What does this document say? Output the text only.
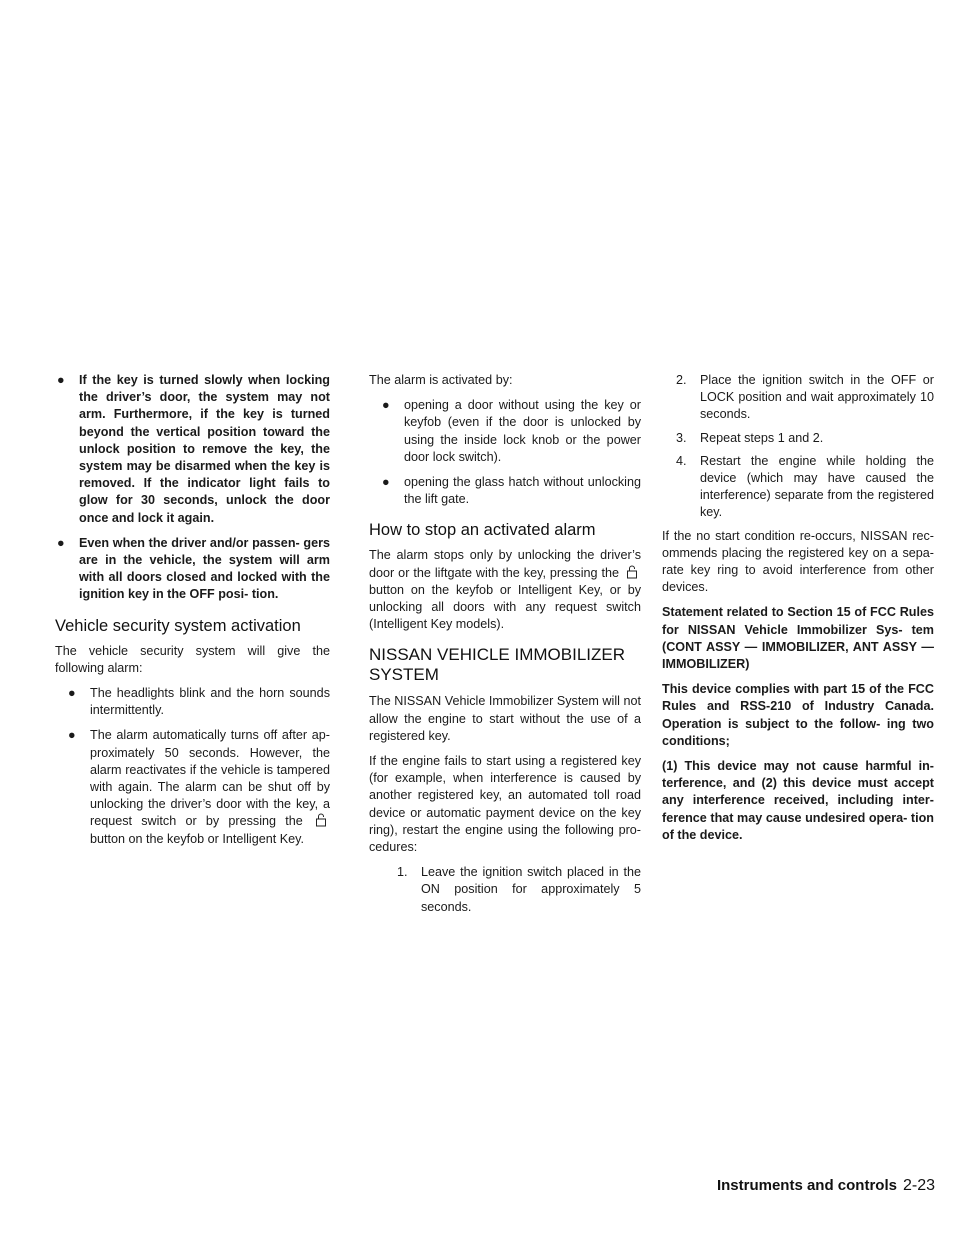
● If the key is turned slowly when locking the driver’s door, the system may not arm. Furthermore, if the key is turned beyond the vertical position toward the unlock position to remove the key, the system may be disarmed when the key is removed. If the indicator light fails to glow for 30 seconds, unlock the door once and lock it again.
● Even when the driver and/or passen- gers are in the vehicle, the system will arm with all doors closed and locked with the ignition key in the OFF posi- tion.
Vehicle security system activation

The vehicle security system will give the following alarm:

● The headlights blink and the horn sounds intermittently.
● The alarm automatically turns off after ap- proximately 50 seconds. However, the alarm reactivates if the vehicle is tampered with again. The alarm can be shut off by unlocking the driver’s door with the key, a request switch or by pressing the  button on the keyfob or Intelligent Key.

The alarm is activated by:

● opening a door without using the key or keyfob (even if the door is unlocked by using the inside lock knob or the power door lock switch).
● opening the glass hatch without unlocking the lift gate.
How to stop an activated alarm

The alarm stops only by unlocking the driver’s door or the liftgate with the key, pressing the  button on the keyfob or Intelligent Key, or by unlocking all doors with any request switch (Intelligent Key models).

NISSAN VEHICLE IMMOBILIZER SYSTEM

The NISSAN Vehicle Immobilizer System will not allow the engine to start without the use of a registered key.

If the engine fails to start using a registered key (for example, when interference is caused by another registered key, an automated toll road device or automatic payment device on the key ring), restart the engine using the following pro- cedures:

1. Leave the ignition switch placed in the ON position for approximately 5 seconds.
2. Place the ignition switch in the OFF or LOCK position and wait approximately 10 seconds.
3. Repeat steps 1 and 2.
4. Restart the engine while holding the device (which may have caused the interference) separate from the registered key.

If the no start condition re-occurs, NISSAN rec- ommends placing the registered key on a sepa- rate key ring to avoid interference from other devices.

Statement related to Section 15 of FCC Rules for NISSAN Vehicle Immobilizer Sys- tem (CONT ASSY — IMMOBILIZER, ANT ASSY — IMMOBILIZER)

This device complies with part 15 of the FCC Rules and RSS-210 of Industry Canada. Operation is subject to the follow- ing two conditions;

(1) This device may not cause harmful in- terference, and (2) this device must accept any interference received, including inter- ference that may cause undesired opera- tion of the device.

Instruments and controls 2-23
